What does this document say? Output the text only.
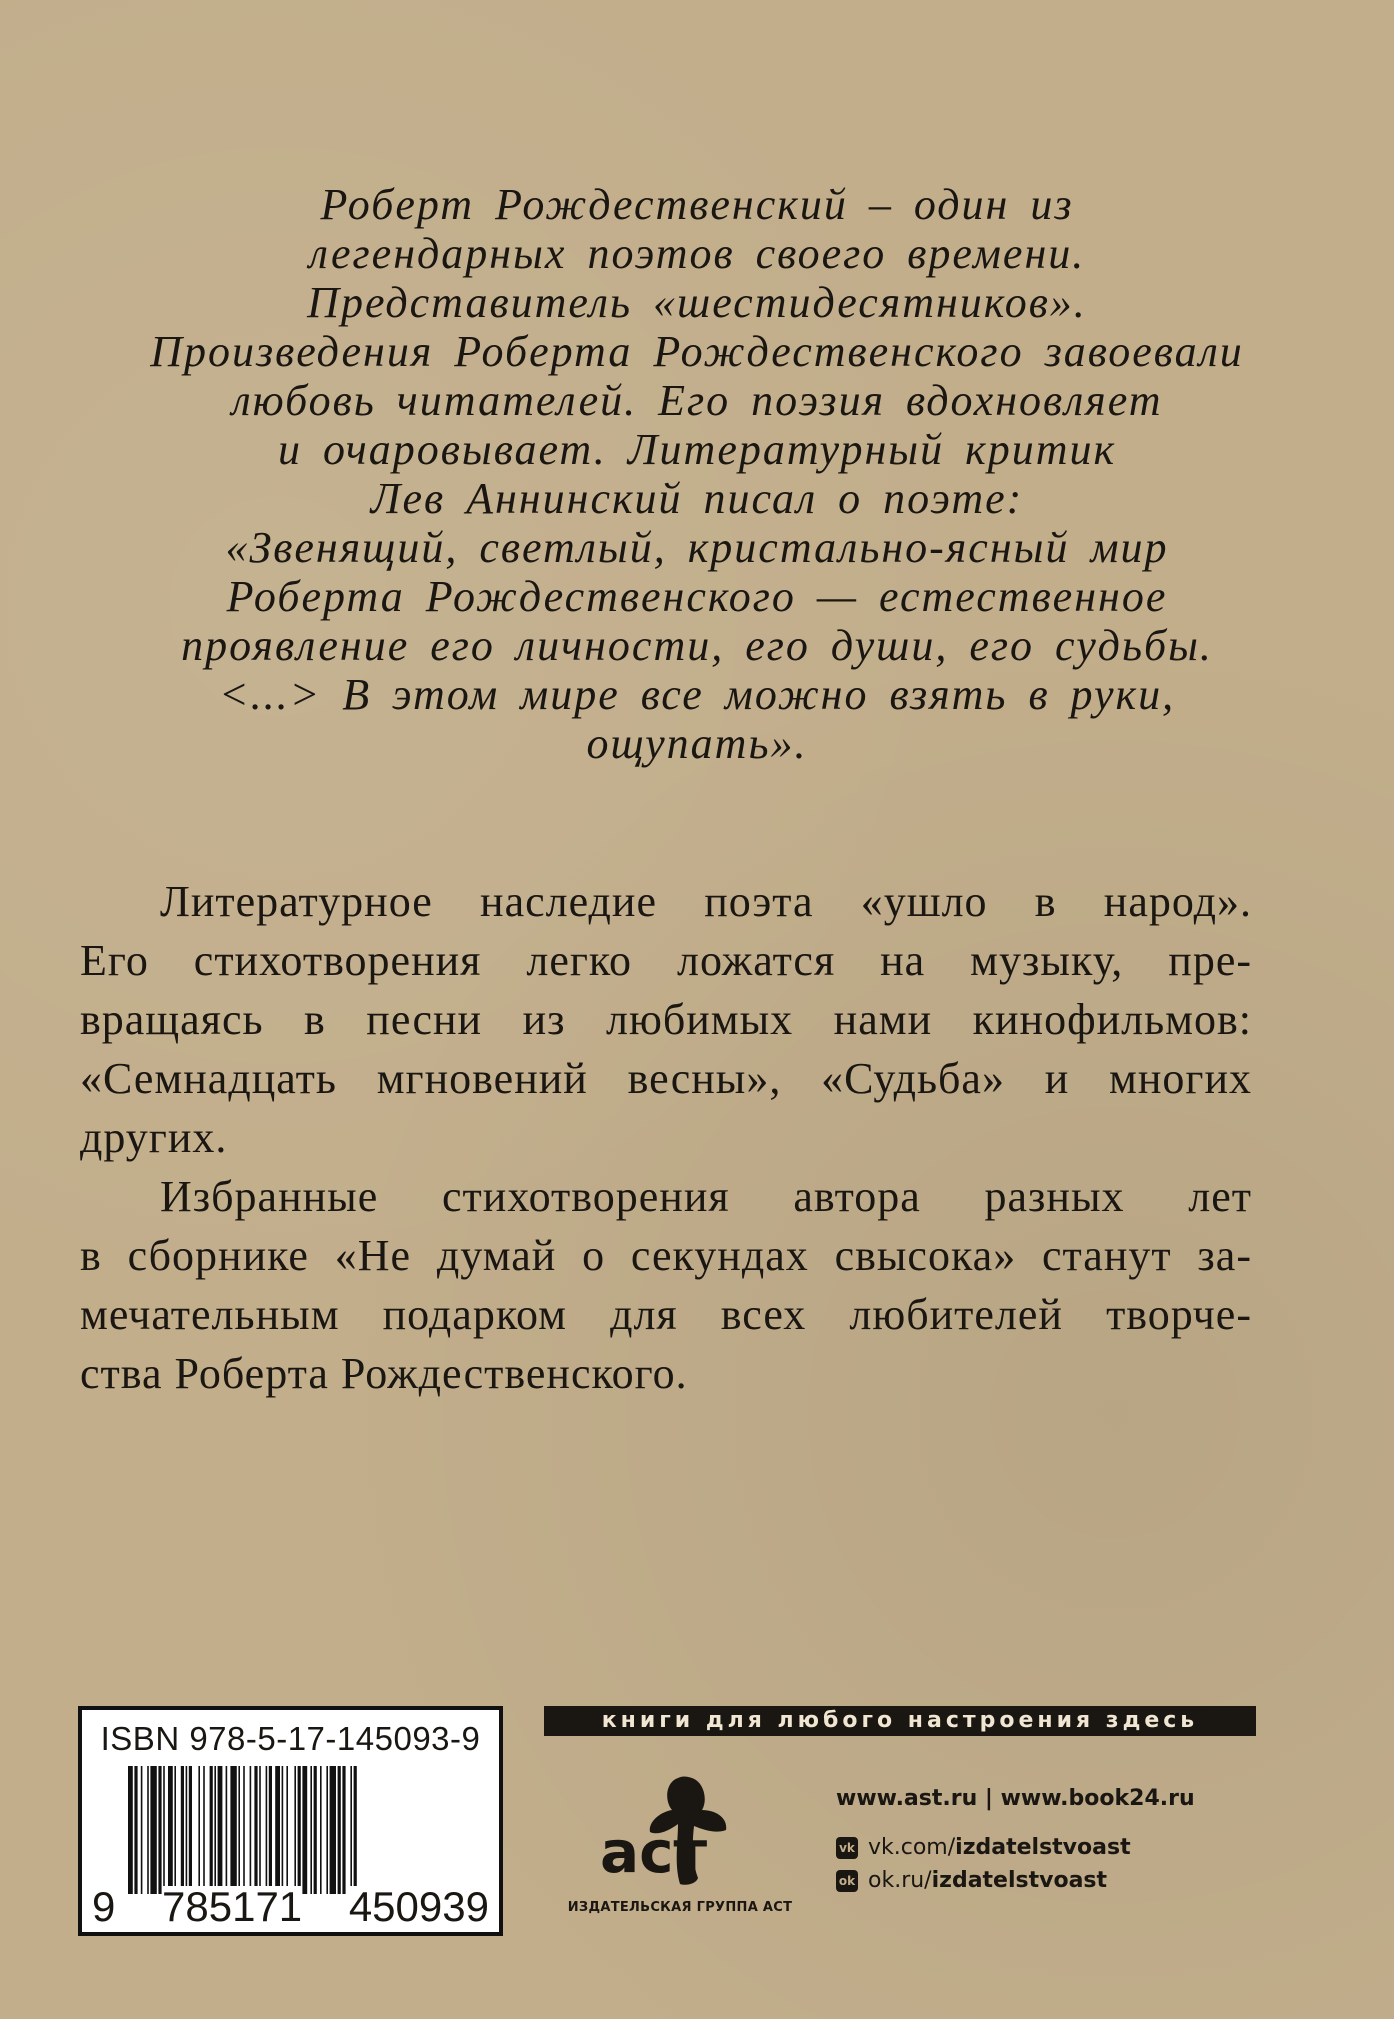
Роберт Рождественский – один из
легендарных поэтов своего времени.
Представитель «шестидесятников».
Произведения Роберта Рождественского завоевали
любовь читателей. Его поэзия вдохновляет
и очаровывает. Литературный критик
Лев Аннинский писал о поэте:
«Звенящий, светлый, кристально-ясный мир
Роберта Рождественского — естественное
проявление его личности, его души, его судьбы.
<...> В этом мире все можно взять в руки,
ощупать».
Литературное наследие поэта «ушло в народ».
Его стихотворения легко ложатся на музыку, пре-
вращаясь в песни из любимых нами кинофильмов:
«Семнадцать мгновений весны», «Судьба» и многих
других.
Избранные стихотворения автора разных лет
в сборнике «Не думай о секундах свысока» станут за-
мечательным подарком для всех любителей творче-
ства Роберта Рождественского.
ISBN 978-5-17-145093-9
9 785171 450939
книги для любого настроения здесь
аст
ИЗДАТЕЛЬСКАЯ ГРУППА АСТ
www.ast.ru | www.book24.ru
vk vk.com/ izdatelstvoast
ok ok.ru/ izdatelstvoast
